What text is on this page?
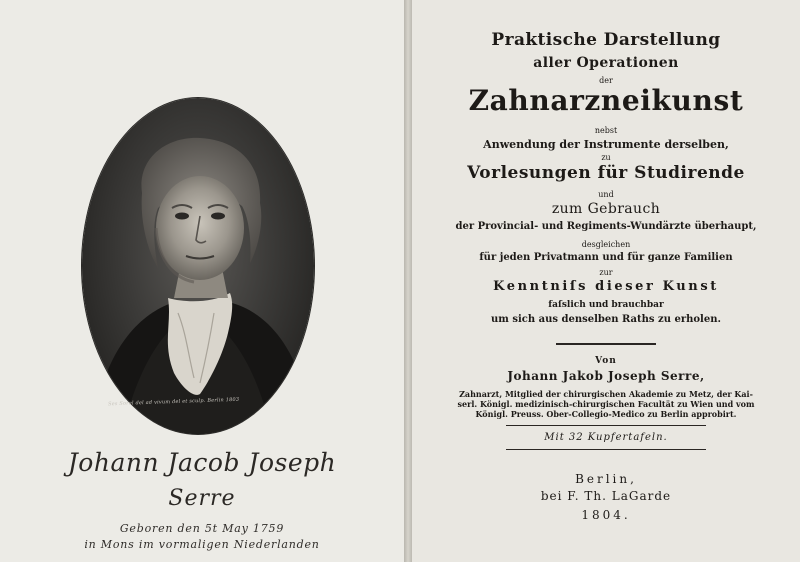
Ses Sorel del ad vivum del et sculp. Berlin 1803
Johann Jacob Joseph
Serre
Geboren den 5t May 1759
in Mons im vormaligen Niederlanden
Praktische Darstellung
aller Operationen
der
Zahnarzneikunst
nebst
Anwendung der Instrumente derselben,
zu
Vorlesungen für Studirende
und
zum Gebrauch
der Provincial- und Regiments-Wundärzte überhaupt,
desgleichen
für jeden Privatmann und für ganze Familien
zur
Kenntniſs dieser Kunst
faſslich und brauchbar
um sich aus denselben Raths zu erholen.
Von
Johann Jakob Joseph Serre,
Zahnarzt, Mitglied der chirurgischen Akademie zu Metz, der Kai-
serl. Königl. medizinisch-chirurgischen Facultät zu Wien und vom
Königl. Preuss. Ober-Collegio-Medico zu Berlin approbirt.
Mit 32 Kupfertafeln.
Berlin,
bei F. Th. LaGarde
1804.
